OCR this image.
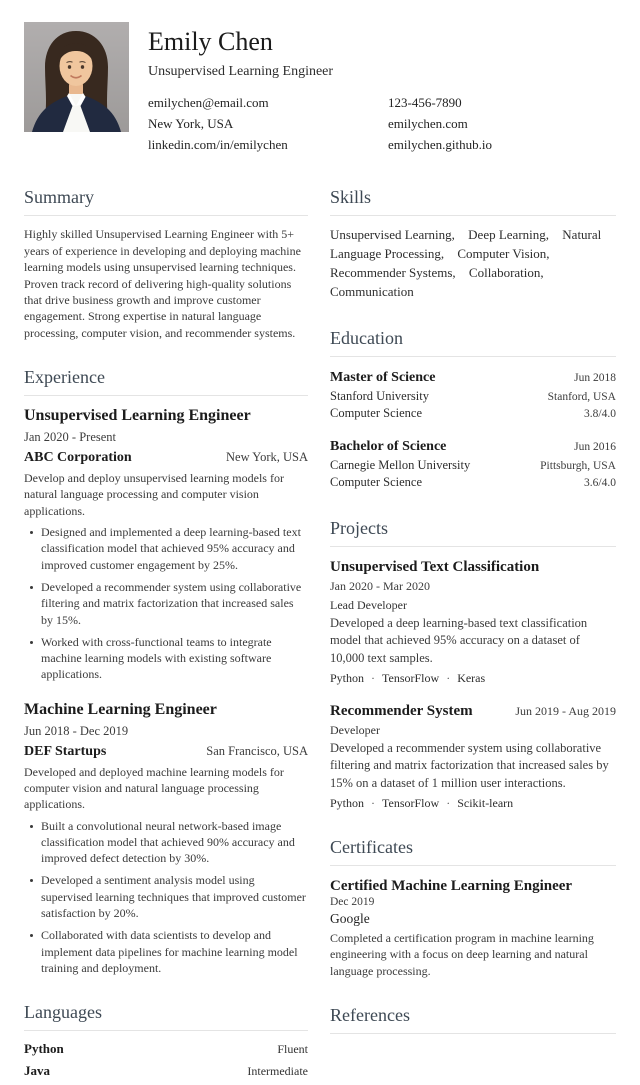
Emily Chen
Unsupervised Learning Engineer
emilychen@email.com
New York, USA
linkedin.com/in/emilychen
123-456-7890
emilychen.com
emilychen.github.io
Summary
Highly skilled Unsupervised Learning Engineer with 5+ years of experience in developing and deploying machine learning models using unsupervised learning techniques. Proven track record of delivering high-quality solutions that drive business growth and improve customer engagement. Strong expertise in natural language processing, computer vision, and recommender systems.
Experience
Unsupervised Learning Engineer
Jan 2020 - Present
ABC Corporation	New York, USA
Develop and deploy unsupervised learning models for natural language processing and computer vision applications.
Designed and implemented a deep learning-based text classification model that achieved 95% accuracy and improved customer engagement by 25%.
Developed a recommender system using collaborative filtering and matrix factorization that increased sales by 15%.
Worked with cross-functional teams to integrate machine learning models with existing software applications.
Machine Learning Engineer
Jun 2018 - Dec 2019
DEF Startups	San Francisco, USA
Developed and deployed machine learning models for computer vision and natural language processing applications.
Built a convolutional neural network-based image classification model that achieved 90% accuracy and improved defect detection by 30%.
Developed a sentiment analysis model using supervised learning techniques that improved customer satisfaction by 20%.
Collaborated with data scientists to develop and implement data pipelines for machine learning model training and deployment.
Languages
Python	Fluent
Java	Intermediate
Skills
Unsupervised Learning , Deep Learning , Natural Language Processing , Computer Vision , Recommender Systems , Collaboration , Communication
Education
Master of Science	Jun 2018
Stanford University	Stanford, USA
Computer Science	3.8/4.0
Bachelor of Science	Jun 2016
Carnegie Mellon University	Pittsburgh, USA
Computer Science	3.6/4.0
Projects
Unsupervised Text Classification
Jan 2020 - Mar 2020
Lead Developer
Developed a deep learning-based text classification model that achieved 95% accuracy on a dataset of 10,000 text samples.
Python · TensorFlow · Keras
Recommender System	Jun 2019 - Aug 2019
Developer
Developed a recommender system using collaborative filtering and matrix factorization that increased sales by 15% on a dataset of 1 million user interactions.
Python · TensorFlow · Scikit-learn
Certificates
Certified Machine Learning Engineer
Dec 2019
Google
Completed a certification program in machine learning engineering with a focus on deep learning and natural language processing.
References
